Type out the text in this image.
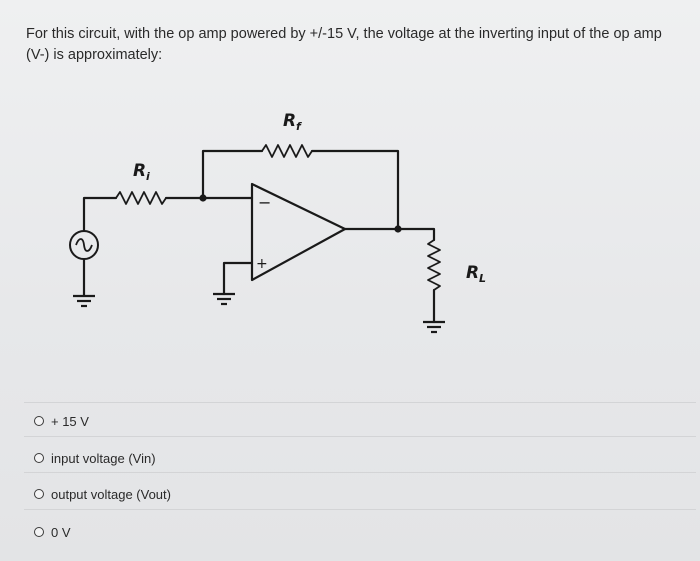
For this circuit, with the op amp powered by +/-15 V, the voltage at the inverting input of the op amp (V-) is approximately:
−
+
R i
R f
R L
+ 15 V
input voltage (Vin)
output voltage (Vout)
0 V
